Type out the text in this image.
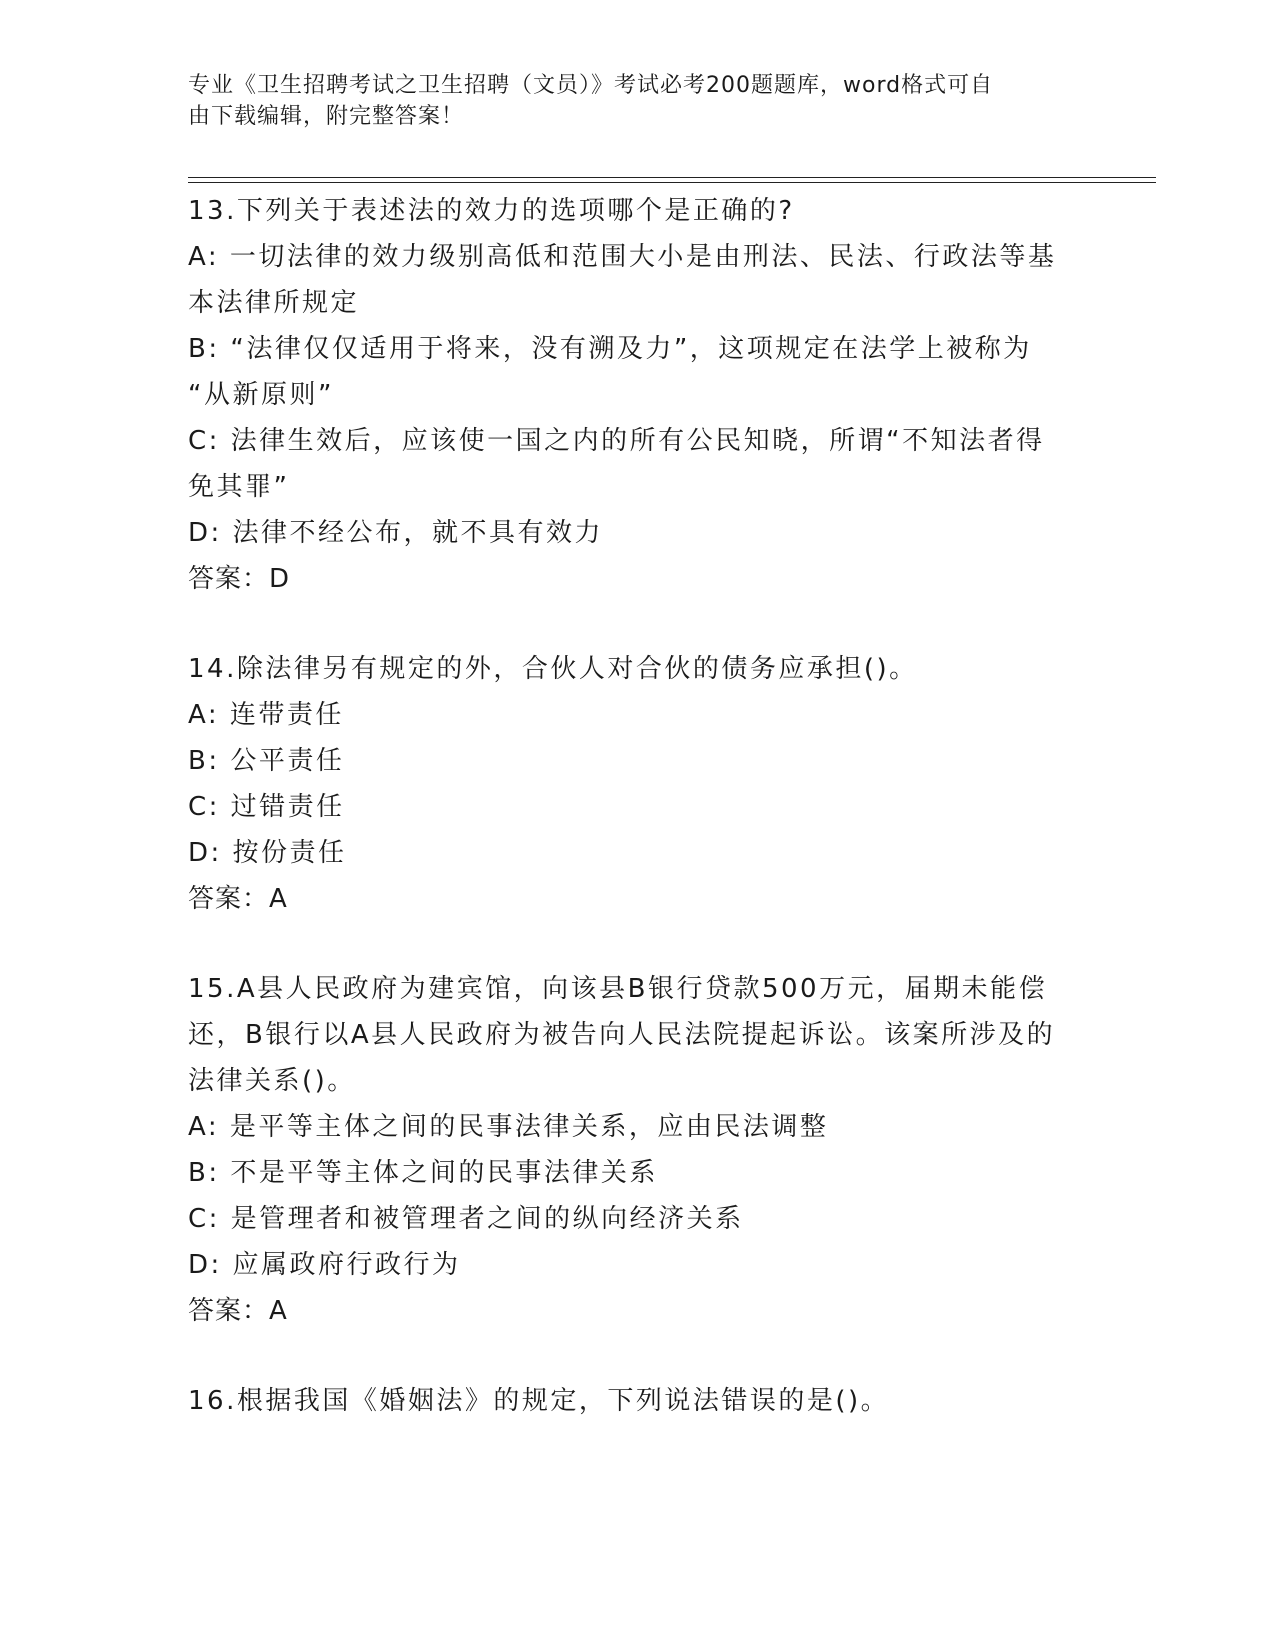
专业《卫生招聘考试之卫生招聘（文员）》考试必考200题题库，word格式可自
由下载编辑，附完整答案！
13.下列关于表述法的效力的选项哪个是正确的?
A: 一切法律的效力级别高低和范围大小是由刑法、民法、行政法等基
本法律所规定
B: “法律仅仅适用于将来，没有溯及力”，这项规定在法学上被称为
“从新原则”
C: 法律生效后，应该使一国之内的所有公民知晓，所谓“不知法者得
免其罪”
D: 法律不经公布，就不具有效力
答案：D
14.除法律另有规定的外，合伙人对合伙的债务应承担()。
A: 连带责任
B: 公平责任
C: 过错责任
D: 按份责任
答案：A
15.A县人民政府为建宾馆，向该县B银行贷款500万元，届期未能偿
还，B银行以A县人民政府为被告向人民法院提起诉讼。该案所涉及的
法律关系()。
A: 是平等主体之间的民事法律关系，应由民法调整
B: 不是平等主体之间的民事法律关系
C: 是管理者和被管理者之间的纵向经济关系
D: 应属政府行政行为
答案：A
16.根据我国《婚姻法》的规定，下列说法错误的是()。
